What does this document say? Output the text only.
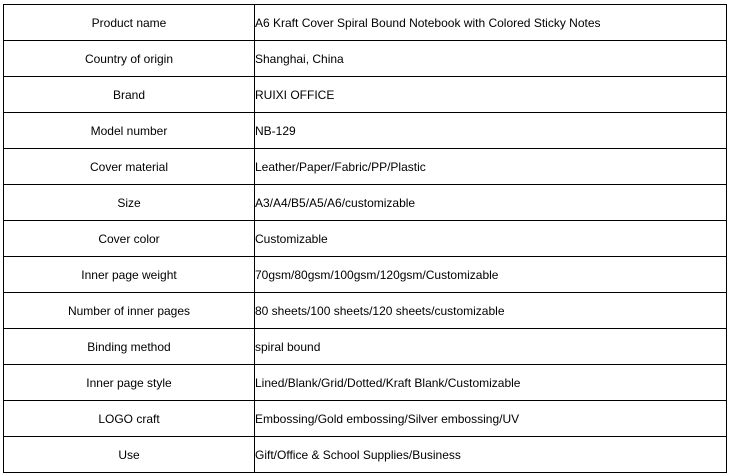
Product name	A6 Kraft Cover Spiral Bound Notebook with Colored Sticky Notes
Country of origin	Shanghai, China
Brand	RUIXI OFFICE
Model number	NB-129
Cover material	Leather/Paper/Fabric/PP/Plastic
Size	A3/A4/B5/A5/A6/customizable
Cover color	Customizable
Inner page weight	70gsm/80gsm/100gsm/120gsm/Customizable
Number of inner pages	80 sheets/100 sheets/120 sheets/customizable
Binding method	spiral bound
Inner page style	Lined/Blank/Grid/Dotted/Kraft Blank/Customizable
LOGO craft	Embossing/Gold embossing/Silver embossing/UV
Use	Gift/Office & School Supplies/Business
